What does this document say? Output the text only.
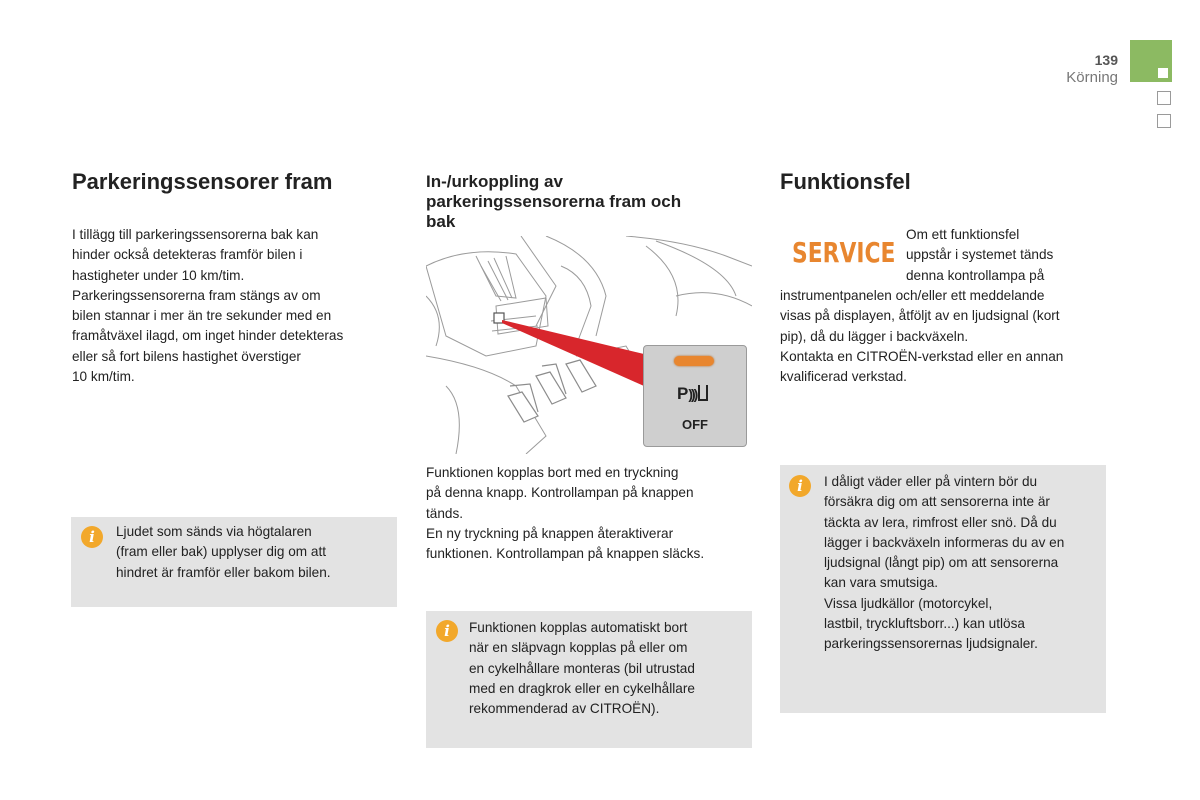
139
Körning
Parkeringssensorer fram
I tillägg till parkeringssensorerna bak kan
hinder också detekteras framför bilen i
hastigheter under 10 km/tim.
Parkeringssensorerna fram stängs av om
bilen stannar i mer än tre sekunder med en
framåtväxel ilagd, om inget hinder detekteras
eller så fort bilens hastighet överstiger
10 km/tim.
i	Ljudet som sänds via högtalaren
(fram eller bak) upplyser dig om att
hindret är framför eller bakom bilen.
In-/urkoppling av
parkeringssensorerna fram och
bak
P)))
OFF
Funktionen kopplas bort med en tryckning
på denna knapp. Kontrollampan på knappen
tänds.
En ny tryckning på knappen återaktiverar
funktionen. Kontrollampan på knappen släcks.
i	Funktionen kopplas automatiskt bort
när en släpvagn kopplas på eller om
en cykelhållare monteras (bil utrustad
med en dragkrok eller en cykelhållare
rekommenderad av CITROËN).
Funktionsfel
SERVICE
Om ett funktionsfel
uppstår i systemet tänds
denna kontrollampa på
instrumentpanelen och/eller ett meddelande
visas på displayen, åtföljt av en ljudsignal (kort
pip), då du lägger i backväxeln.
Kontakta en CITROËN-verkstad eller en annan
kvalificerad verkstad.
i	I dåligt väder eller på vintern bör du
försäkra dig om att sensorerna inte är
täckta av lera, rimfrost eller snö. Då du
lägger i backväxeln informeras du av en
ljudsignal (långt pip) om att sensorerna
kan vara smutsiga.
Vissa ljudkällor (motorcykel,
lastbil, tryckluftsborr...) kan utlösa
parkeringssensorernas ljudsignaler.
